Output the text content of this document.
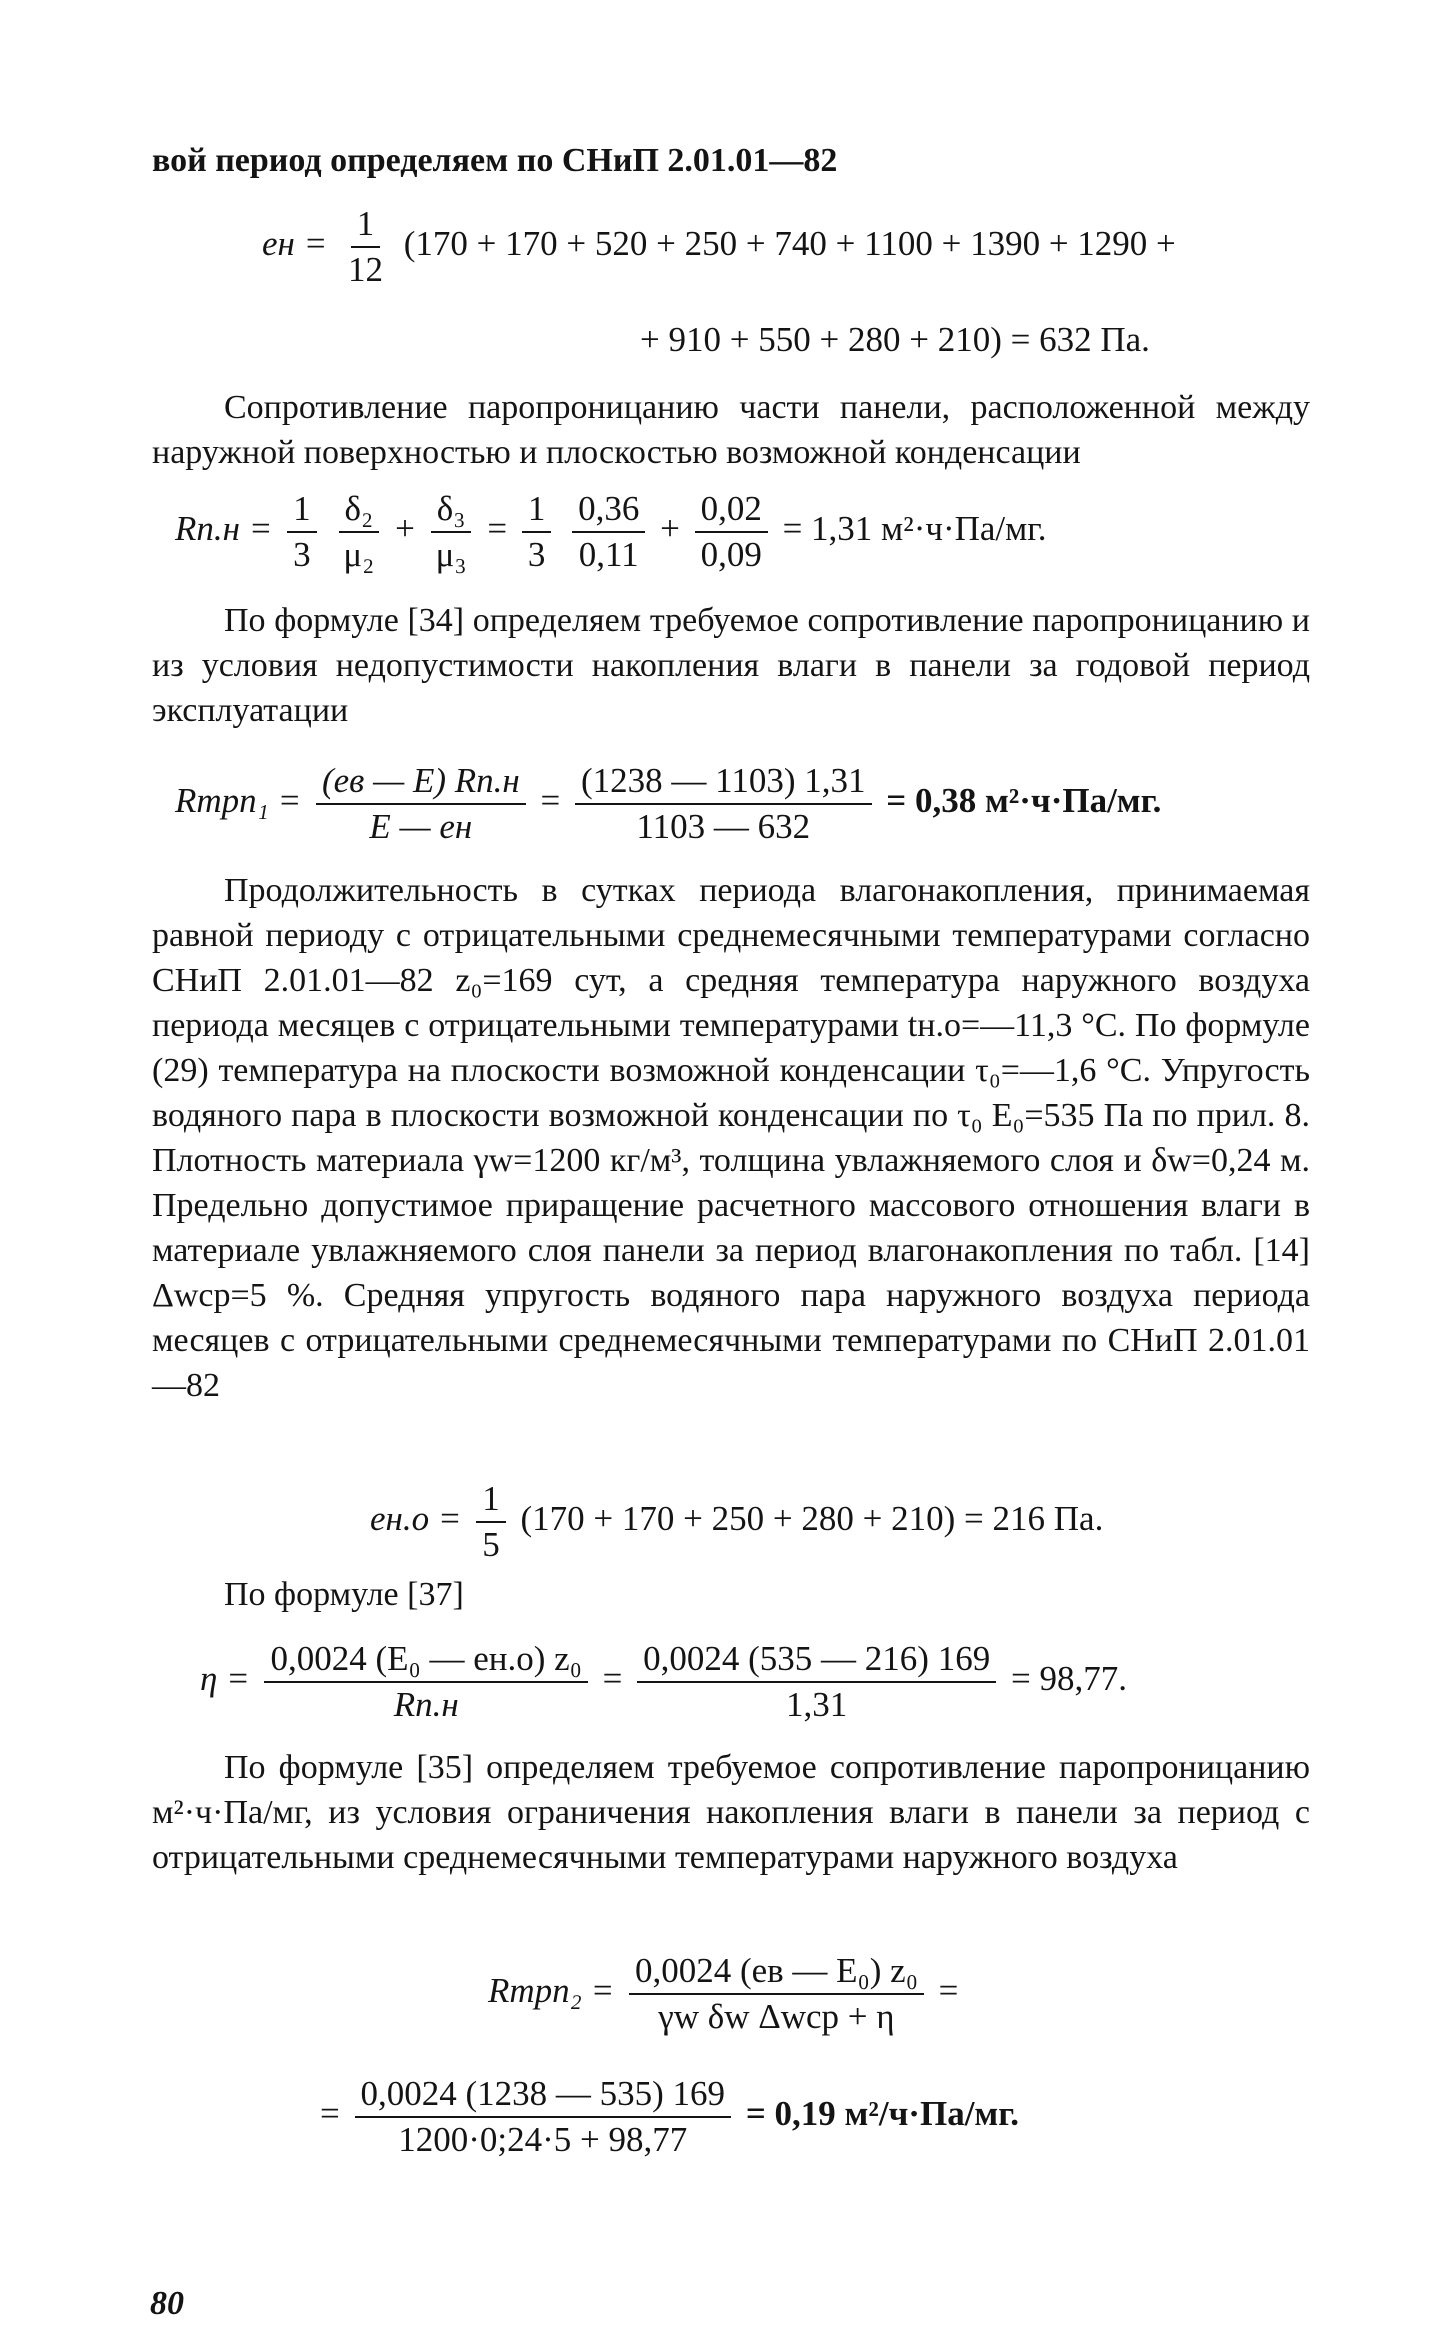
вой период определяем по СНиП 2.01.01—82

eн = $\frac{1}{12} (170 + 170 + 520 + 250 + 740 + 1100 + 1390 + 1290$ +
+ 910 + 550 + 280 + 210) = 632 Па.

Сопротивление паропроницанию части панели, расположенной между наружной поверхностью и плоскостью возможной конденсации

$Rп.н = \frac{1}{3}$
$\frac{\text{δ₂}}{\text{μ₂}} + \frac{\text{δ₃}}{\text{μ₃}} = \frac{1}{3}$
$\frac{0,36}{0,11} + \frac{0,02}{0,09} = 1,31$ м²·ч·Па/мг.

По формуле [34] определяем требуемое сопротивление паропроницанию и из условия недопустимости накопления влаги в панели за годовой период эксплуатации

Rтрп₁ = $\frac{(eв — E) Rп.н}{E — eн} = \frac{(1238 — 1103) 1,31}{1103 — 632} = 0,38$ м²·ч·Па/мг.

Продолжительность в сутках периода влагонакопления, принимаемая равной периоду с отрицательными среднемесячными температурами согласно СНиП 2.01.01—82 z₀=169 сут, а средняя температура наружного воздуха периода месяцев с отрицательными температурами tн.о=—11,3 °С. По формуле (29) температура на плоскости возможной конденсации τ₀=—1,6 °С. Упругость водяного пара в плоскости возможной конденсации по τ₀ E₀=535 Па по прил. 8. Плотность материала γw=1200 кг/м³, толщина увлажняемого слоя и δw=0,24 м. Предельно допустимое приращение расчетного массового отношения влаги в материале увлажняемого слоя панели за период влагонакопления по табл. [14] Δwср=5 %. Средняя упругость водяного пара наружного воздуха периода месяцев с отрицательными среднемесячными температурами по СНиП 2.01.01—82

$eн.о = \frac{1}{5} (170 + 170 + 250 + 280 + 210) = 216$ Па.

По формуле [37]

$\eta = \frac{\text{0,0024 (E₀ — eн.о) z₀}}{Rп.н} = \frac{0,0024 (535 — 216) 169}{1,31} = 98,77$.

По формуле [35] определяем требуемое сопротивление паропроницанию м²·ч·Па/мг, из условия ограничения накопления влаги в панели за период с отрицательными среднемесячными температурами наружного воздуха

Rтрп₂ = $\frac{\text{0,0024 (eв — E₀) z₀}}{\text{γw δw Δwср + η}}$ =
= $\frac{0,0024 (1238 — 535) 169}{1200\cdot 0;24\cdot 5 + 98,77} = 0,19$ м²/ч·Па/мг.
80
